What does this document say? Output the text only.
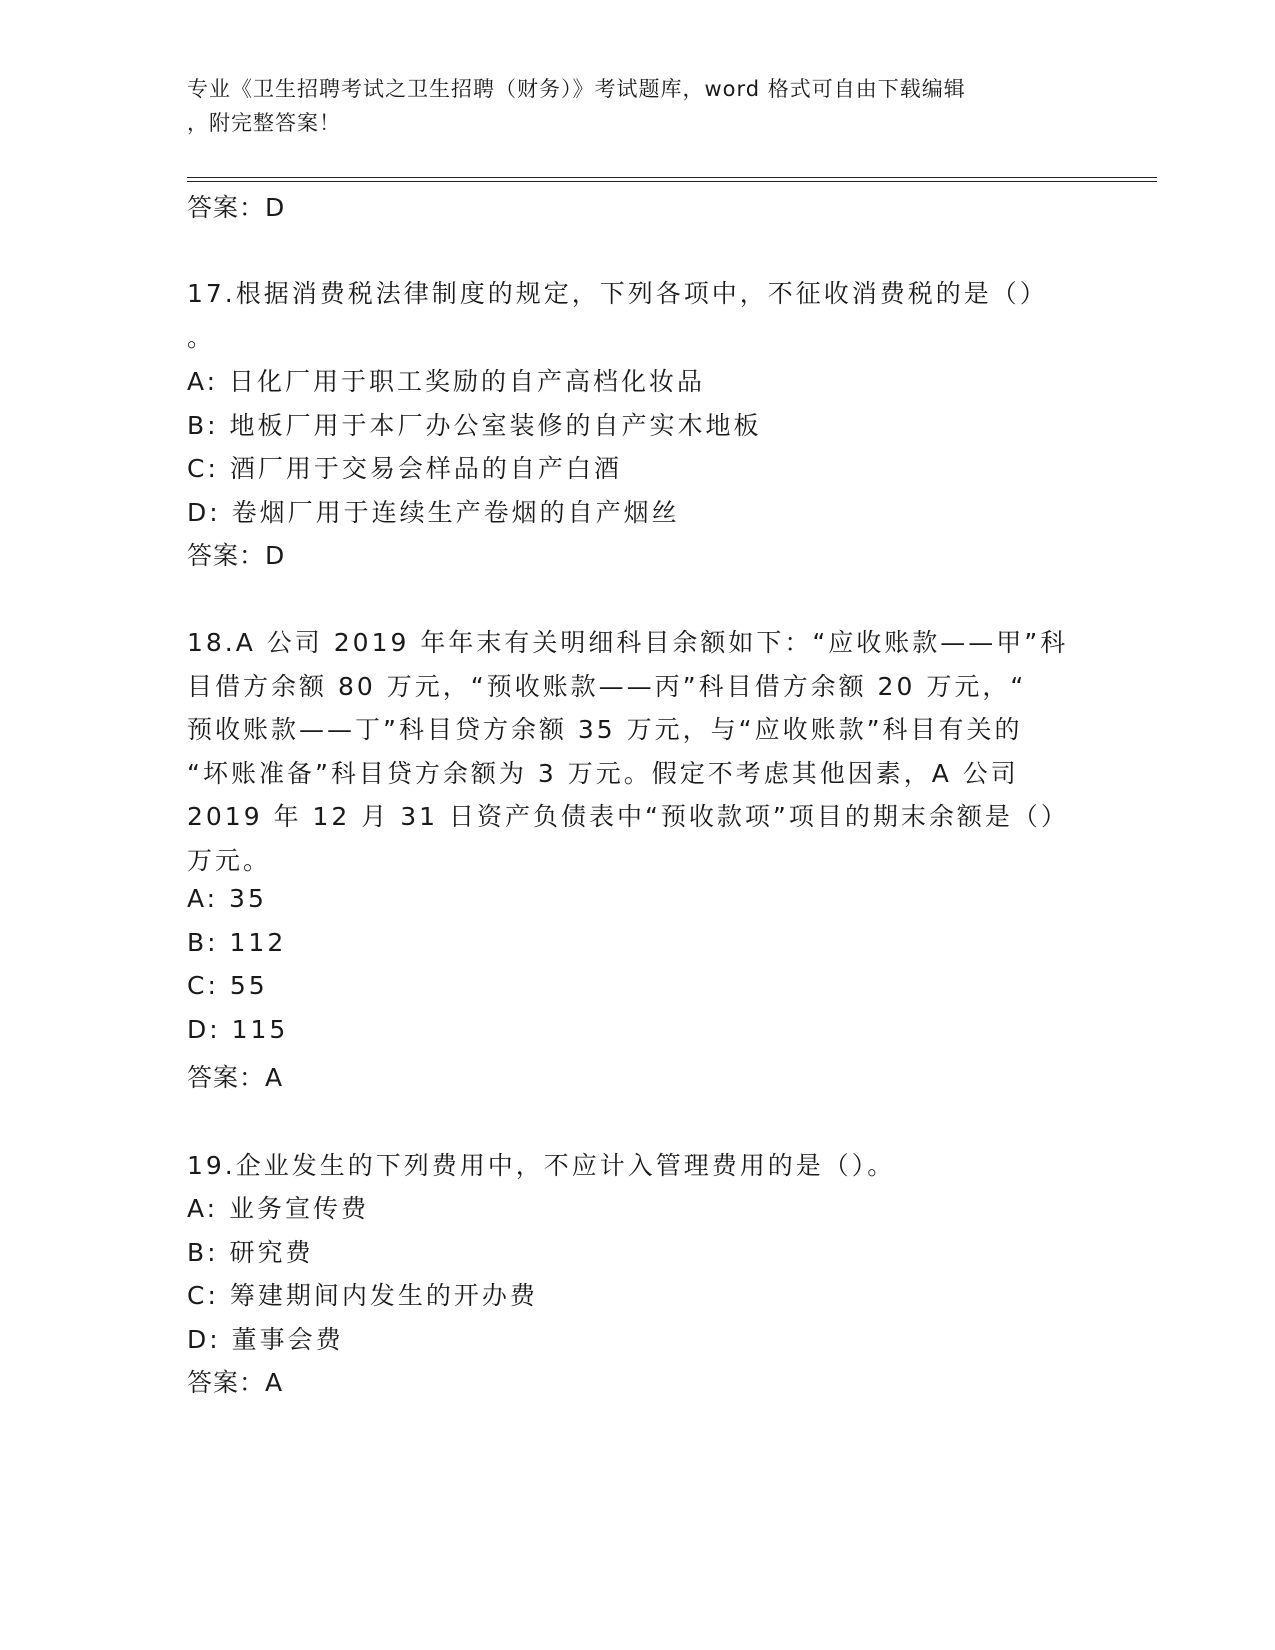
专业《卫生招聘考试之卫生招聘（财务）》考试题库，word 格式可自由下载编辑
，附完整答案！
答案：D
17.根据消费税法律制度的规定，下列各项中，不征收消费税的是（）
。
A: 日化厂用于职工奖励的自产高档化妆品
B: 地板厂用于本厂办公室装修的自产实木地板
C: 酒厂用于交易会样品的自产白酒
D: 卷烟厂用于连续生产卷烟的自产烟丝
答案：D
18.A 公司 2019 年年末有关明细科目余额如下：“应收账款——甲”科
目借方余额 80 万元，“预收账款——丙”科目借方余额 20 万元，“
预收账款——丁”科目贷方余额 35 万元，与“应收账款”科目有关的
“坏账准备”科目贷方余额为 3 万元。假定不考虑其他因素，A 公司
2019 年 12 月 31 日资产负债表中“预收款项”项目的期末余额是（）
万元。
A: 35
B: 112
C: 55
D: 115
答案：A
19.企业发生的下列费用中，不应计入管理费用的是（）。
A: 业务宣传费
B: 研究费
C: 筹建期间内发生的开办费
D: 董事会费
答案：A
